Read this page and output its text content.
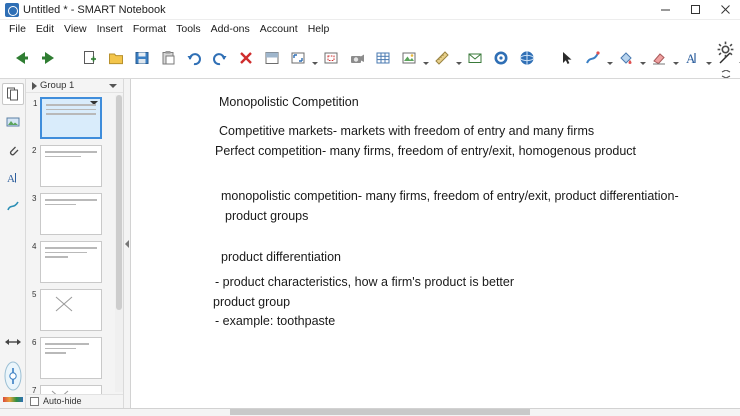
Untitled * - SMART Notebook
File Edit View Insert Format Tools Add-ons Account Help
A
A
Group 1
1
2
3
4
5
6
7
Auto-hide
Monopolistic Competition
Competitive markets- markets with freedom of entry and many firms
Perfect competition- many firms, freedom of entry/exit, homogenous product
monopolistic competition- many firms, freedom of entry/exit, product differentiation-
product groups
product differentiation
- product characteristics, how a firm's product is better
product group
- example: toothpaste
